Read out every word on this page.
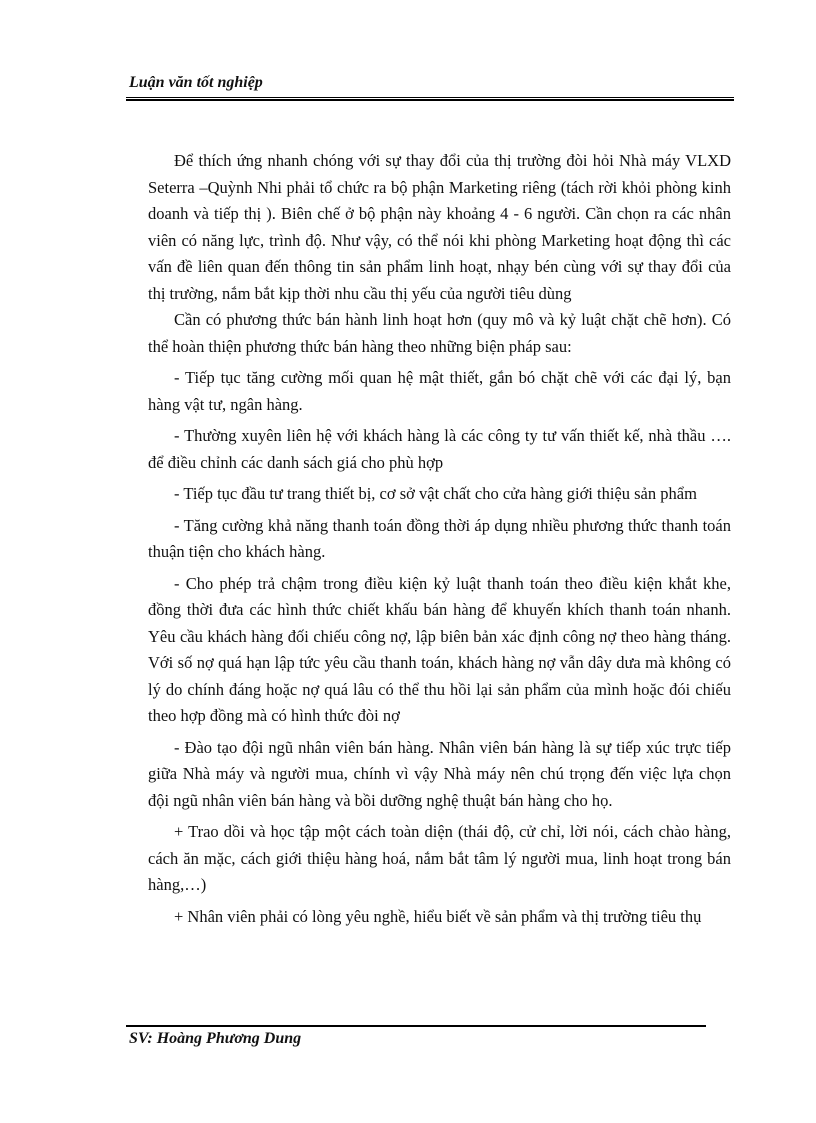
Luận văn tốt nghiệp

Để thích ứng nhanh chóng với sự thay đổi của thị trường đòi hỏi Nhà máy VLXD Seterra –Quỳnh Nhi phải tổ chức ra bộ phận Marketing riêng (tách rời khỏi phòng kinh doanh và tiếp thị ). Biên chế ở bộ phận này khoảng 4 - 6 người. Cần chọn ra các nhân viên có năng lực, trình độ. Như vậy, có thể nói khi phòng Marketing hoạt động thì các vấn đề liên quan đến thông tin sản phẩm linh hoạt, nhạy bén cùng với sự thay đổi của thị trường, nắm bắt kịp thời nhu cầu thị yếu của người tiêu dùng

Cần có phương thức bán hành linh hoạt hơn (quy mô và kỷ luật chặt chẽ hơn). Có thể hoàn thiện phương thức bán hàng theo những biện pháp sau:

- Tiếp tục tăng cường mối quan hệ mật thiết, gắn bó chặt chẽ với các đại lý, bạn hàng vật tư, ngân hàng.

- Thường xuyên liên hệ với khách hàng là các công ty tư vấn thiết kế, nhà thầu …. để điều chỉnh các danh sách giá cho phù hợp

- Tiếp tục đầu tư trang thiết bị, cơ sở vật chất cho cửa hàng giới thiệu sản phẩm

- Tăng cường khả năng thanh toán đồng thời áp dụng nhiều phương thức thanh toán thuận tiện cho khách hàng.

- Cho phép trả chậm trong điều kiện kỷ luật thanh toán theo điều kiện khắt khe, đồng thời đưa các hình thức chiết khấu bán hàng để khuyến khích thanh toán nhanh. Yêu cầu khách hàng đối chiếu công nợ, lập biên bản xác định công nợ theo hàng tháng. Với số nợ quá hạn lập tức yêu cầu thanh toán, khách hàng nợ vẫn dây dưa mà không có lý do chính đáng hoặc nợ quá lâu có thể thu hồi lại sản phẩm của mình hoặc đói chiếu theo hợp đồng mà có hình thức đòi nợ

- Đào tạo đội ngũ nhân viên bán hàng. Nhân viên bán hàng là sự tiếp xúc trực tiếp giữa Nhà máy và người mua, chính vì vậy Nhà máy nên chú trọng đến việc lựa chọn đội ngũ nhân viên bán hàng và bồi dưỡng nghệ thuật bán hàng cho họ.

+ Trao dồi và học tập một cách toàn diện (thái độ, cử chỉ, lời nói, cách chào hàng, cách ăn mặc, cách giới thiệu hàng hoá, nắm bắt tâm lý người mua, linh hoạt trong bán hàng,…)

+ Nhân viên phải có lòng yêu nghề, hiểu biết về sản phẩm và thị trường tiêu thụ

SV: Hoàng Phương Dung
